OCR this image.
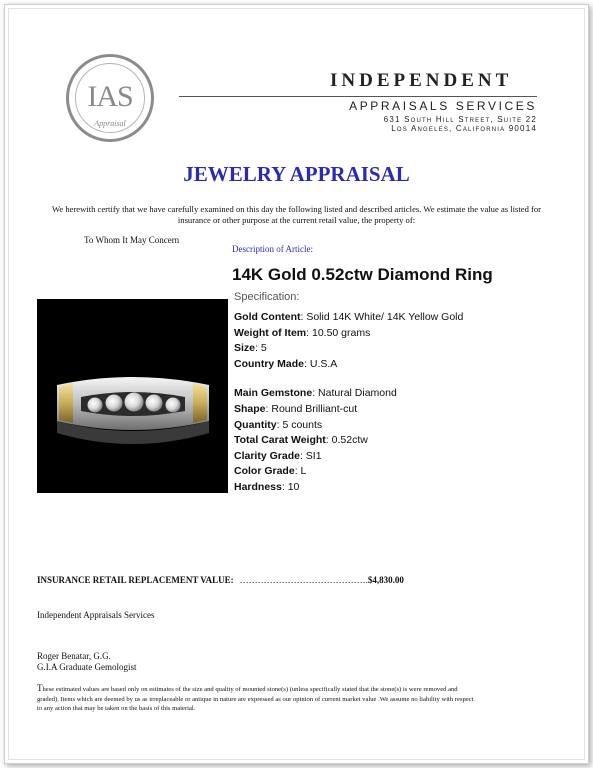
IAS
Appraisal
INDEPENDENT
APPRAISALS SERVICES
631 South Hill Street, Suite 22
Los Angeles, California 90014
JEWELRY APPRAISAL
We herewith certify that we have carefully examined on this day the following listed and described articles. We estimate the value as listed for insurance or other purpose at the current retail value, the property of:
To Whom It May Concern
Description of Article:
14K Gold 0.52ctw Diamond Ring
Specification:
Gold Content: Solid 14K White/ 14K Yellow Gold
Weight of Item: 10.50 grams
Size: 5
Country Made: U.S.A
Main Gemstone: Natural Diamond
Shape: Round Brilliant-cut
Quantity: 5 counts
Total Carat Weight: 0.52ctw
Clarity Grade: SI1
Color Grade: L
Hardness: 10
INSURANCE RETAIL REPLACEMENT VALUE: …………………………………….$4,830.00
Independent Appraisals Services
Roger Benatar, G.G.
G.I.A Graduate Gemologist
These estimated values are based only on estimates of the size and quality of mounted stone(s) (unless specifically stated that the stone(s) is were removed and graded). Items which are deemed by us as irreplaceable or antique in nature are expressed as our opinion of current market value .We assume no liability with respect to any action that may be taken on the basis of this material.
